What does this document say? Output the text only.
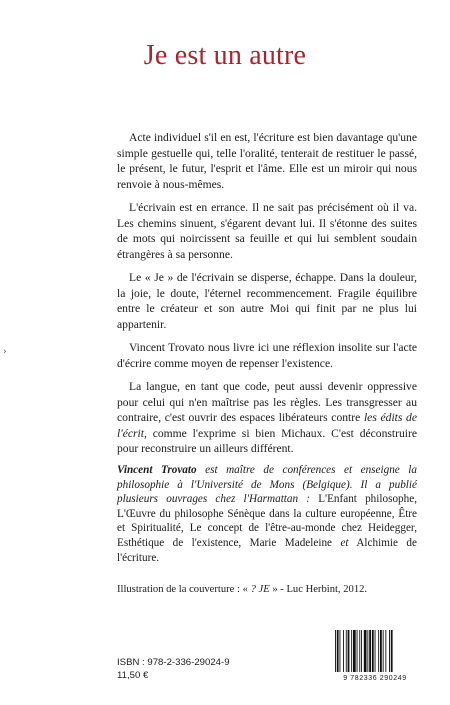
›
Je est un autre

Acte individuel s'il en est, l'écriture est bien davantage qu'une simple gestuelle qui, telle l'oralité, tenterait de restituer le passé, le présent, le futur, l'esprit et l'âme. Elle est un miroir qui nous renvoie à nous-mêmes.

L'écrivain est en errance. Il ne sait pas précisément où il va. Les chemins sinuent, s'égarent devant lui. Il s'étonne des suites de mots qui noircissent sa feuille et qui lui semblent soudain étrangères à sa personne.

Le « Je » de l'écrivain se disperse, échappe. Dans la douleur, la joie, le doute, l'éternel recommencement. Fragile équilibre entre le créateur et son autre Moi qui finit par ne plus lui appartenir.

Vincent Trovato nous livre ici une réflexion insolite sur l'acte d'écrire comme moyen de repenser l'existence.

La langue, en tant que code, peut aussi devenir oppressive pour celui qui n'en maîtrise pas les règles. Les transgresser au contraire, c'est ouvrir des espaces libérateurs contre les édits de l'écrit, comme l'exprime si bien Michaux. C'est déconstruire pour reconstruire un ailleurs différent.

Vincent Trovato est maître de conférences et enseigne la philosophie à l'Université de Mons (Belgique). Il a publié plusieurs ouvrages chez l'Harmattan : L'Enfant philosophe, L'Œuvre du philosophe Sénèque dans la culture européenne, Être et Spiritualité, Le concept de l'être-au-monde chez Heidegger, Esthétique de l'existence, Marie Madeleine et Alchimie de l'écriture.

Illustration de la couverture : « ? JE » - Luc Herbint, 2012.
ISBN : 978-2-336-29024-9
11,50 €	9 782336 290249
